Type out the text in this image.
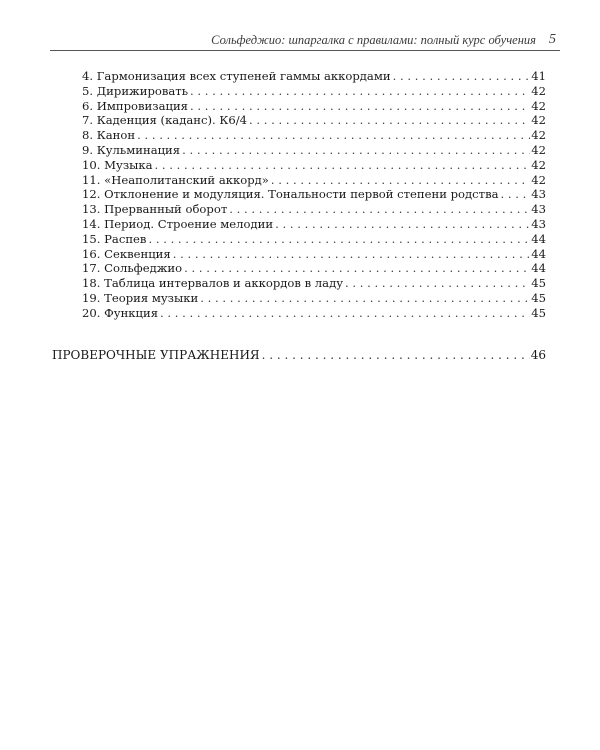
Сольфеджио: шпаргалка с правилами: полный курс обучения 5
4. Гармонизация всех ступеней гаммы аккордами . . .	41
5. Дирижировать . . .	42
6. Импровизация . . .	42
7. Каденция (каданс). К6/4 . . .	42
8. Канон . . .	42
9. Кульминация . . .	42
10. Музыка . . .	42
11. «Неаполитанский аккорд» . . .	42
12. Отклонение и модуляция. Тональности первой степени родства . . .	43
13. Прерванный оборот . . .	43
14. Период. Строение мелодии . . .	43
15. Распев . . .	44
16. Секвенция . . .	44
17. Сольфеджио . . .	44
18. Таблица интервалов и аккордов в ладу . . .	45
19. Теория музыки . . .	45
20. Функция . . .	45
ПРОВЕРОЧНЫЕ УПРАЖНЕНИЯ . . .	46
